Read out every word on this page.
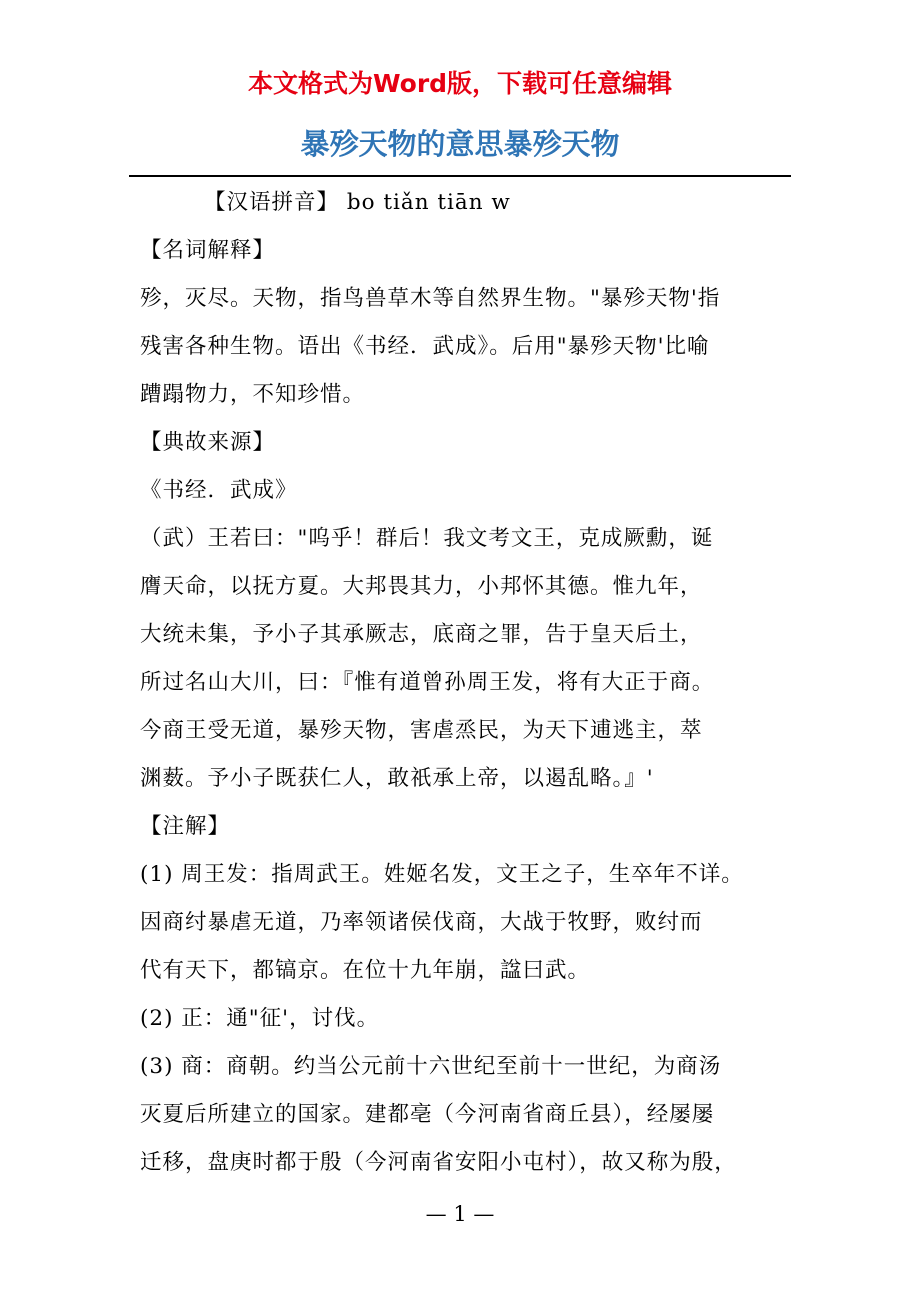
本文格式为Word版，下载可任意编辑
暴殄天物的意思暴殄天物
【汉语拼音】 bo tiǎn tiān w
【名词解释】
殄，灭尽。天物，指鸟兽草木等自然界生物。"暴殄天物'指
残害各种生物。语出《书经．武成》。后用"暴殄天物'比喻
蹧蹋物力，不知珍惜。
【典故来源】
《书经．武成》
（武）王若曰："呜乎！群后！我文考文王，克成厥勳，诞
膺天命，以抚方夏。大邦畏其力，小邦怀其德。惟九年，
大统未集，予小子其承厥志，底商之罪，告于皇天后土，
所过名山大川，曰：『惟有道曾孙周王发，将有大正于商。
今商王受无道，暴殄天物，害虐烝民，为天下逋逃主，萃
渊薮。予小子既获仁人，敢祇承上帝，以遏乱略。』'
【注解】
(1) 周王发：指周武王。姓姬名发，文王之子，生卒年不详。
因商纣暴虐无道，乃率领诸侯伐商，大战于牧野，败纣而
代有天下，都镐京。在位十九年崩，諡曰武。
(2) 正：通"征'，讨伐。
(3) 商：商朝。约当公元前十六世纪至前十一世纪，为商汤
灭夏后所建立的国家。建都亳（今河南省商丘县），经屡屡
迁移，盘庚时都于殷（今河南省安阳小屯村），故又称为殷，
— 1 —
